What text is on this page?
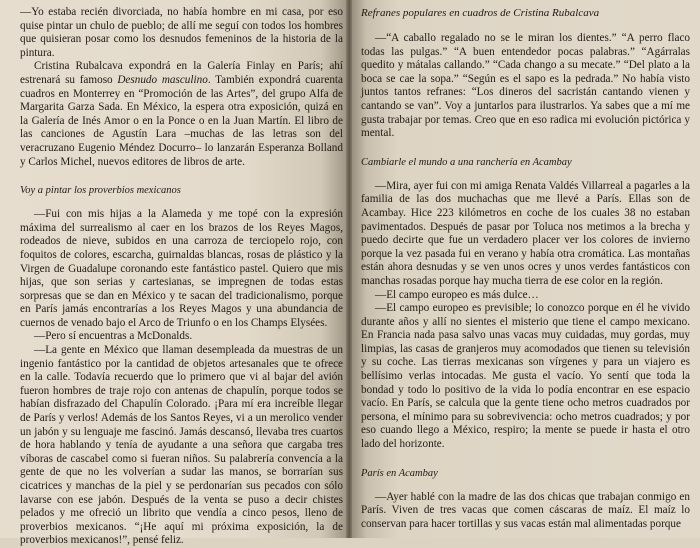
—Yo estaba recién divorciada, no había hombre en mi casa, por eso quise pintar un chulo de pueblo; de allí me seguí con todos los hombres que quisieran posar como los desnudos femeninos de la historia de la pintura.

Cristina Rubalcava expondrá en la Galería Finlay en París; ahí estrenará su famoso Desnudo masculino. También expondrá cuarenta cuadros en Monterrey en “Promoción de las Artes”, del grupo Alfa de Margarita Garza Sada. En México, la espera otra exposición, quizá en la Galería de Inés Amor o en la Ponce o en la Juan Martín. El libro de las canciones de Agustín Lara –muchas de las letras son del veracruzano Eugenio Méndez Docurro– lo lanzarán Esperanza Bolland y Carlos Michel, nuevos editores de libros de arte.

Voy a pintar los proverbios mexicanos

—Fui con mis hijas a la Alameda y me topé con la expresión máxima del surrealismo al caer en los brazos de los Reyes Magos, rodeados de nieve, subidos en una carroza de terciopelo rojo, con foquitos de colores, escarcha, guirnaldas blancas, rosas de plástico y la Virgen de Guadalupe coronando este fantástico pastel. Quiero que mis hijas, que son serias y cartesianas, se impregnen de todas estas sorpresas que se dan en México y te sacan del tradicionalismo, porque en París jamás encontrarías a los Reyes Magos y una abundancia de cuernos de venado bajo el Arco de Triunfo o en los Champs Elysées.

—Pero sí encuentras a McDonalds.

—La gente en México que llaman desempleada da muestras de un ingenio fantástico por la cantidad de objetos artesanales que te ofrece en la calle. Todavía recuerdo que lo primero que vi al bajar del avión fueron hombres de traje rojo con antenas de chapulín, porque todos se habían disfrazado del Chapulín Colorado. ¡Para mí era increíble llegar de París y verlos! Además de los Santos Reyes, vi a un merolico vender un jabón y su lenguaje me fascinó. Jamás descansó, llevaba tres cuartos de hora hablando y tenía de ayudante a una señora que cargaba tres víboras de cascabel como si fueran niños. Su palabrería convencía a la gente de que no les volverían a sudar las manos, se borrarían sus cicatrices y manchas de la piel y se perdonarían sus pecados con sólo lavarse con ese jabón. Después de la venta se puso a decir chistes pelados y me ofreció un librito que vendía a cinco pesos, lleno de proverbios mexicanos. “¡He aquí mi próxima exposición, la de proverbios mexicanos!”, pensé feliz.

Refranes populares en cuadros de Cristina Rubalcava

—“A caballo regalado no se le miran los dientes.” “A perro flaco todas las pulgas.” “A buen entendedor pocas palabras.” “Agárralas quedito y mátalas callando.” “Cada chango a su mecate.” “Del plato a la boca se cae la sopa.” “Según es el sapo es la pedrada.” No había visto juntos tantos refranes: “Los dineros del sacristán cantando vienen y cantando se van”. Voy a juntarlos para ilustrarlos. Ya sabes que a mí me gusta trabajar por temas. Creo que en eso radica mi evolución pictórica y mental.

Cambiarle el mundo a una ranchería en Acambay

—Mira, ayer fui con mi amiga Renata Valdés Villarreal a pagarles a la familia de las dos muchachas que me llevé a París. Ellas son de Acambay. Hice 223 kilómetros en coche de los cuales 38 no estaban pavimentados. Después de pasar por Toluca nos metimos a la brecha y puedo decirte que fue un verdadero placer ver los colores de invierno porque la vez pasada fui en verano y había otra cromática. Las montañas están ahora desnudas y se ven unos ocres y unos verdes fantásticos con manchas rosadas porque hay mucha tierra de ese color en la región.

—El campo europeo es más dulce…

—El campo europeo es previsible; lo conozco porque en él he vivido durante años y allí no sientes el misterio que tiene el campo mexicano. En Francia nada pasa salvo unas vacas muy cuidadas, muy gordas, muy limpias, las casas de granjeros muy acomodados que tienen su televisión y su coche. Las tierras mexicanas son vírgenes y para un viajero es bellísimo verlas intocadas. Me gusta el vacío. Yo sentí que toda la bondad y todo lo positivo de la vida lo podía encontrar en ese espacio vacío. En París, se calcula que la gente tiene ocho metros cuadrados por persona, el mínimo para su sobrevivencia: ocho metros cuadrados; y por eso cuando llego a México, respiro; la mente se puede ir hasta el otro lado del horizonte.

París en Acambay

—Ayer hablé con la madre de las dos chicas que trabajan conmigo en París. Viven de tres vacas que comen cáscaras de maíz. El maíz lo conservan para hacer tortillas y sus vacas están mal alimentadas porque
